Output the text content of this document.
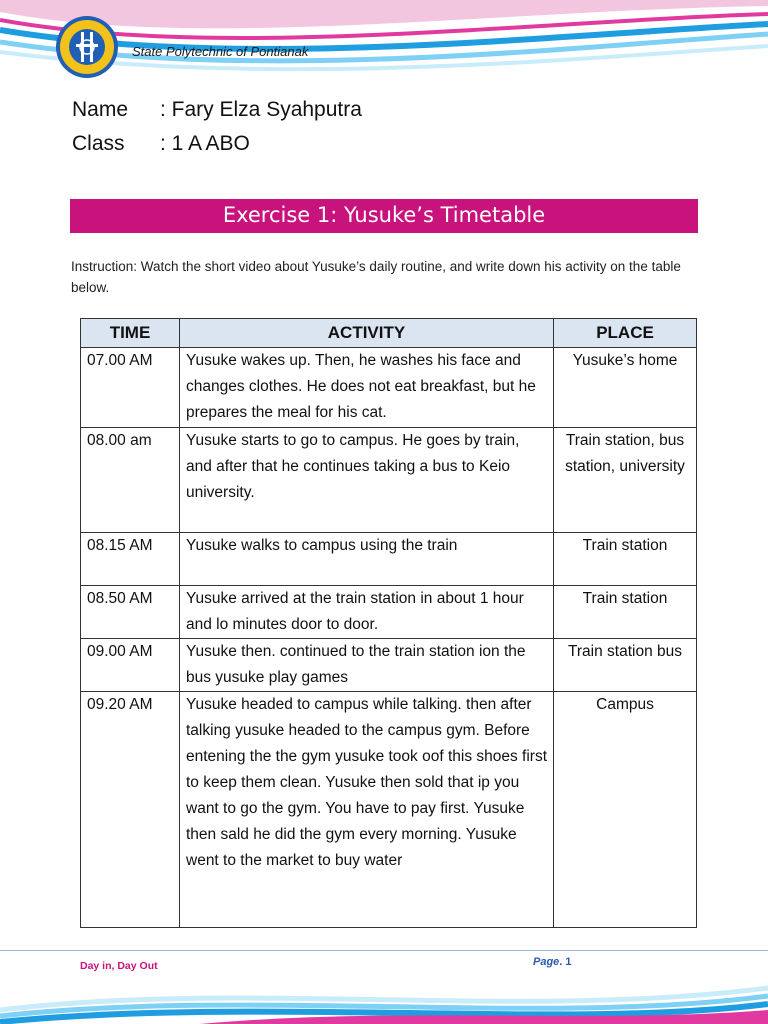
State Polytechnic of Pontianak
Name : Fary Elza Syahputra
Class : 1 A ABO
Exercise 1: Yusuke’s Timetable
Instruction: Watch the short video about Yusuke’s daily routine, and write down his activity on the table below.
TIME	ACTIVITY	PLACE
07.00 AM	Yusuke wakes up. Then, he washes his face and changes clothes. He does not eat breakfast, but he prepares the meal for his cat.	Yusuke’s home
08.00 am	Yusuke starts to go to campus. He goes by train, and after that he continues taking a bus to Keio university.	Train station, bus station, university
08.15 AM	Yusuke walks to campus using the train	Train station
08.50 AM	Yusuke arrived at the train station in about 1 hour and lo minutes door to door.	Train station
09.00 AM	Yusuke then. continued to the train station ion the bus yusuke play games	Train station bus
09.20 AM	Yusuke headed to campus while talking. then after talking yusuke headed to the campus gym. Before entening the the gym yusuke took oof this shoes first to keep them clean. Yusuke then sold that ip you want to go the gym. You have to pay first. Yusuke then sald he did the gym every morning. Yusuke went to the market to buy water	Campus
Day in, Day Out	Page. 1
